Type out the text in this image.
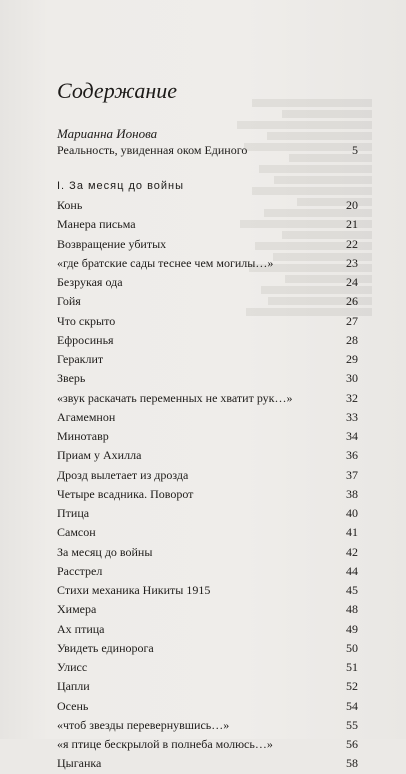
Содержание

Марианна Ионова

Реальность, увиденная оком Единого	5
I. За месяц до войны
Конь	20
Манера письма	21
Возвращение убитых	22
«где братские сады теснее чем могилы…»	23
Безрукая ода	24
Гойя	26
Что скрыто	27
Ефросинья	28
Гераклит	29
Зверь	30
«звук раскачать переменных не хватит рук…»	32
Агамемнон	33
Минотавр	34
Приам у Ахилла	36
Дрозд вылетает из дрозда	37
Четыре всадника. Поворот	38
Птица	40
Самсон	41
За месяц до войны	42
Расстрел	44
Стихи механика Никиты 1915	45
Химера	48
Ах птица	49
Увидеть единорога	50
Улисс	51
Цапли	52
Осень	54
«чтоб звезды перевернувшись…»	55
«я птице бескрылой в полнеба молюсь…»	56
Цыганка	58
